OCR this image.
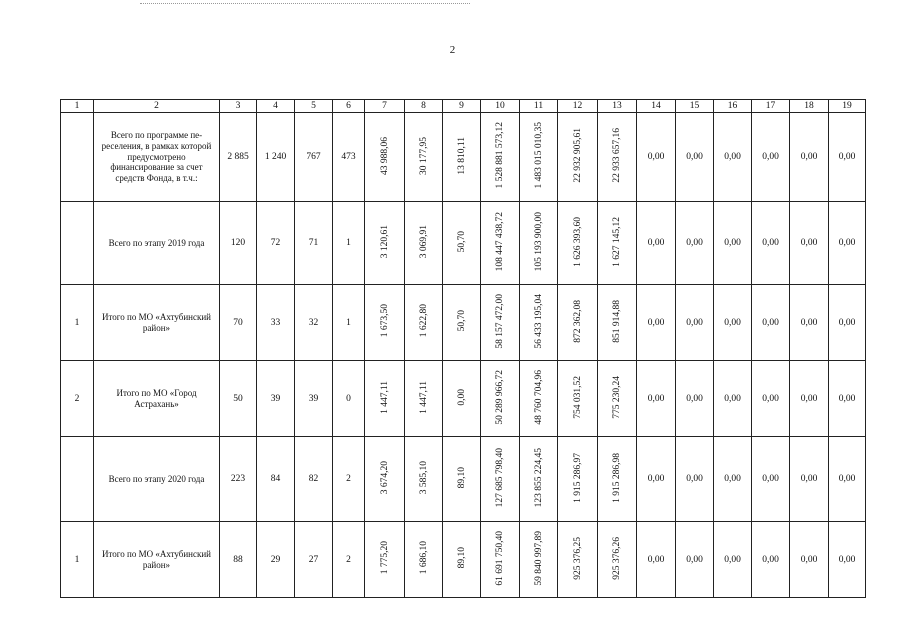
2
1	2	3	4	5	6	7	8	9	10	11	12	13	14	15	16	17	18	19
	Всего по программе переселения, в рамках которой предусмотрено финансирование за счет средств Фонда, в т.ч.:	2 885	1 240	767	473	43 988,06	30 177,95	13 810,11	1 528 881 573,12	1 483 015 010,35	22 932 905,61	22 933 657,16	0,00	0,00	0,00	0,00	0,00	0,00
	Всего по этапу 2019 года	120	72	71	1	3 120,61	3 069,91	50,70	108 447 438,72	105 193 900,00	1 626 393,60	1 627 145,12	0,00	0,00	0,00	0,00	0,00	0,00
1	Итого по МО «Ахтубинский район»	70	33	32	1	1 673,50	1 622,80	50,70	58 157 472,00	56 433 195,04	872 362,08	851 914,88	0,00	0,00	0,00	0,00	0,00	0,00
2	Итого по МО «Город Астрахань»	50	39	39	0	1 447,11	1 447,11	0,00	50 289 966,72	48 760 704,96	754 031,52	775 230,24	0,00	0,00	0,00	0,00	0,00	0,00
	Всего по этапу 2020 года	223	84	82	2	3 674,20	3 585,10	89,10	127 685 798,40	123 855 224,45	1 915 286,97	1 915 286,98	0,00	0,00	0,00	0,00	0,00	0,00
1	Итого по МО «Ахтубинский район»	88	29	27	2	1 775,20	1 686,10	89,10	61 691 750,40	59 840 997,89	925 376,25	925 376,26	0,00	0,00	0,00	0,00	0,00	0,00
